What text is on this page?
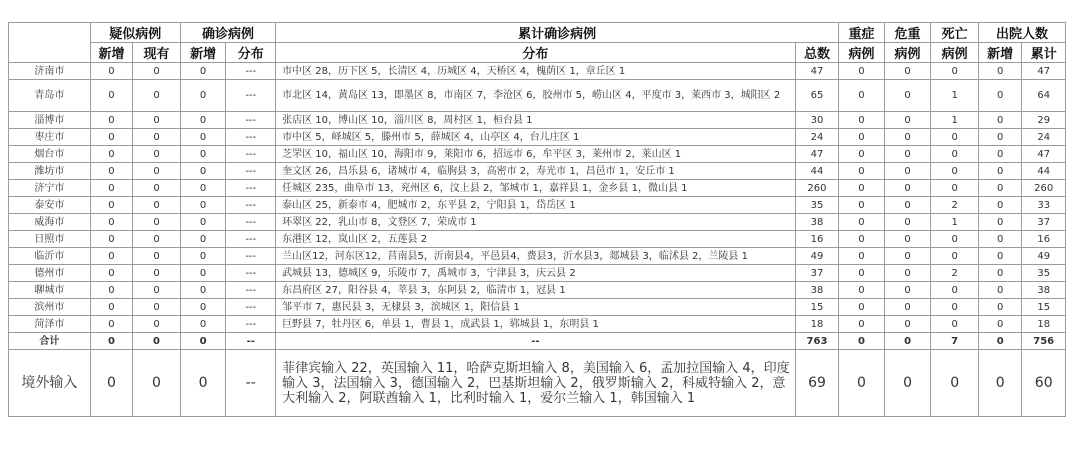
	疑似病例		确诊病例		累计确诊病例		重症	危重	死亡	出院人数	
	新增	现有	新增	分布	分布	总数	病例	病例	病例	新增	累计
济南市	0	0	0	---	市中区 28，历下区 5，长清区 4，历城区 4，天桥区 4，槐荫区 1，章丘区 1	47	0	0	0	0	47
青岛市	0	0	0	---	市北区 14，黄岛区 13，即墨区 8，市南区 7，李沧区 6，胶州市 5，崂山区 4，平度市 3，莱西市 3，城阳区 2	65	0	0	1	0	64
淄博市	0	0	0	---	张店区 10，博山区 10，淄川区 8，周村区 1，桓台县 1	30	0	0	1	0	29
枣庄市	0	0	0	---	市中区 5，峄城区 5，滕州市 5，薛城区 4，山亭区 4，台儿庄区 1	24	0	0	0	0	24
烟台市	0	0	0	---	芝罘区 10，福山区 10，海阳市 9，莱阳市 6，招远市 6，牟平区 3，莱州市 2，莱山区 1	47	0	0	0	0	47
潍坊市	0	0	0	---	奎文区 26，昌乐县 6，诸城市 4，临朐县 3，高密市 2，寿光市 1，昌邑市 1，安丘市 1	44	0	0	0	0	44
济宁市	0	0	0	---	任城区 235，曲阜市 13，兖州区 6，汶上县 2，邹城市 1，嘉祥县 1，金乡县 1，微山县 1	260	0	0	0	0	260
泰安市	0	0	0	---	泰山区 25，新泰市 4，肥城市 2，东平县 2，宁阳县 1，岱岳区 1	35	0	0	2	0	33
威海市	0	0	0	---	环翠区 22，乳山市 8，文登区 7，荣成市 1	38	0	0	1	0	37
日照市	0	0	0	---	东港区 12，岚山区 2，五莲县 2	16	0	0	0	0	16
临沂市	0	0	0	---	兰山区12，河东区12，莒南县5，沂南县4，平邑县4，费县3，沂水县3，郯城县 3，临沭县 2，兰陵县 1	49	0	0	0	0	49
德州市	0	0	0	---	武城县 13，德城区 9，乐陵市 7，禹城市 3，宁津县 3，庆云县 2	37	0	0	2	0	35
聊城市	0	0	0	---	东昌府区 27，阳谷县 4，莘县 3，东阿县 2，临清市 1，冠县 1	38	0	0	0	0	38
滨州市	0	0	0	---	邹平市 7，惠民县 3，无棣县 3，滨城区 1，阳信县 1	15	0	0	0	0	15
菏泽市	0	0	0	---	巨野县 7，牡丹区 6，单县 1，曹县 1，成武县 1，郓城县 1，东明县 1	18	0	0	0	0	18
合计	0	0	0	--	--	763	0	0	7	0	756
境外输入	0	0	0	--	菲律宾输入 22，英国输入 11，哈萨克斯坦输入 8，美国输入 6，孟加拉国输入 4，印度输入 3，法国输入 3，德国输入 2，巴基斯坦输入 2，俄罗斯输入 2，科威特输入 2，意大利输入 2，阿联酋输入 1，比利时输入 1，爱尔兰输入 1，韩国输入 1	69	0	0	0	0	60
